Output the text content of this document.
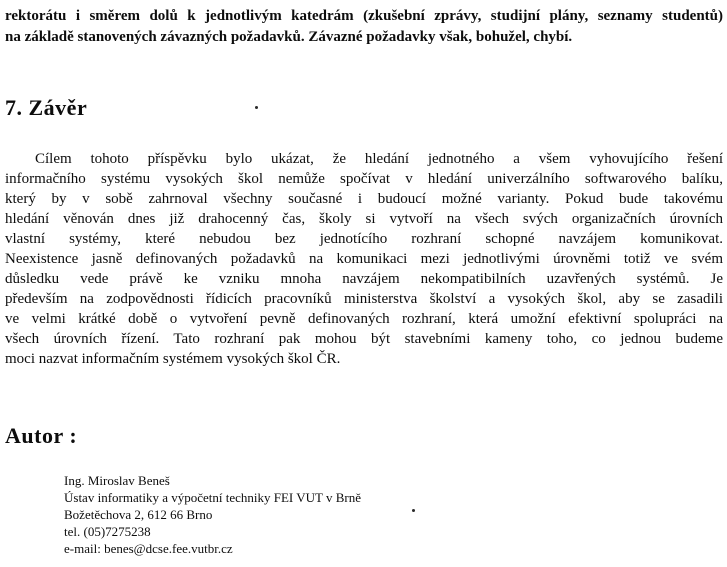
rektorátu i směrem dolů k jednotlivým katedrám (zkušební zprávy, studijní plány, seznamy studentů)
na základě stanovených závazných požadavků. Závazné požadavky však, bohužel, chybí.
7. Závěr
Cílem tohoto příspěvku bylo ukázat, že hledání jednotného a všem vyhovujícího řešení
informačního systému vysokých škol nemůže spočívat v hledání univerzálního softwarového balíku,
který by v sobě zahrnoval všechny současné i budoucí možné varianty. Pokud bude takovému
hledání věnován dnes již drahocenný čas, školy si vytvoří na všech svých organizačních úrovních
vlastní systémy, které nebudou bez jednotícího rozhraní schopné navzájem komunikovat.
Neexistence jasně definovaných požadavků na komunikaci mezi jednotlivými úrovněmi totiž ve svém
důsledku vede právě ke vzniku mnoha navzájem nekompatibilních uzavřených systémů. Je
především na zodpovědnosti řídicích pracovníků ministerstva školství a vysokých škol, aby se zasadili
ve velmi krátké době o vytvoření pevně definovaných rozhraní, která umožní efektivní spolupráci na
všech úrovních řízení. Tato rozhraní pak mohou být stavebními kameny toho, co jednou budeme
moci nazvat informačním systémem vysokých škol ČR.
Autor :
Ing. Miroslav Beneš
Ústav informatiky a výpočetní techniky FEI VUT v Brně
Božetěchova 2, 612 66 Brno
tel. (05)7275238
e-mail: benes@dcse.fee.vutbr.cz
